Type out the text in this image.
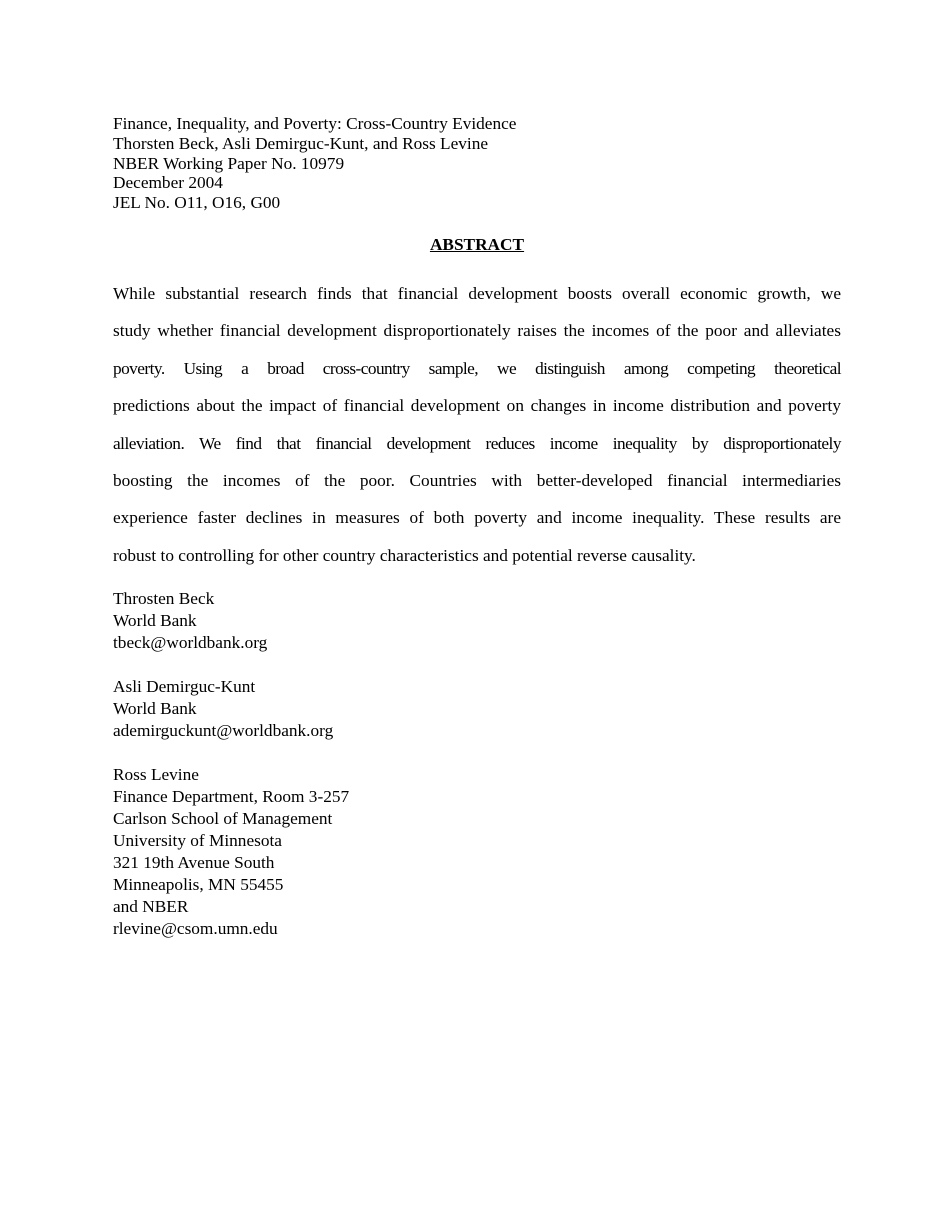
Finance, Inequality, and Poverty: Cross-Country Evidence
Thorsten Beck, Asli Demirguc-Kunt, and Ross Levine
NBER Working Paper No. 10979
December 2004
JEL No. O11, O16, G00
ABSTRACT
While substantial research finds that financial development boosts overall economic growth, we
study whether financial development disproportionately raises the incomes of the poor and alleviates
poverty. Using a broad cross-country sample, we distinguish among competing theoretical
predictions about the impact of financial development on changes in income distribution and poverty
alleviation. We find that financial development reduces income inequality by disproportionately
boosting the incomes of the poor. Countries with better-developed financial intermediaries
experience faster declines in measures of both poverty and income inequality. These results are
robust to controlling for other country characteristics and potential reverse causality.
Throsten Beck
World Bank
tbeck@worldbank.org
Asli Demirguc-Kunt
World Bank
ademirguckunt@worldbank.org
Ross Levine
Finance Department, Room 3-257
Carlson School of Management
University of Minnesota
321 19th Avenue South
Minneapolis, MN 55455
and NBER
rlevine@csom.umn.edu
